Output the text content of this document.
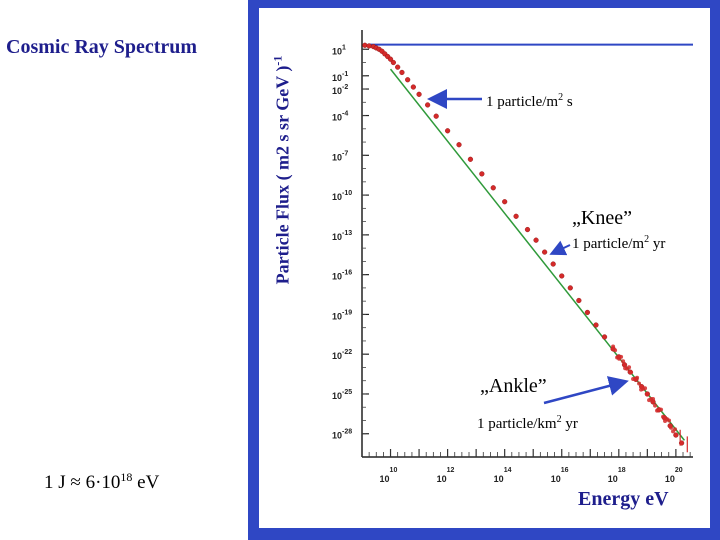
Cosmic Ray Spectrum
1 $J \approx 6\cdot 10^{18}$ eV
$10^1$
$10^{-2}$
$10^{-1}$
$10^{-4}$
$10^{-7}$
$10^{-10}$
$10^{-13}$
$10^{-16}$
$10^{-19}$
$10^{-22}$
$10^{-25}$
$10^{-28}$
$10^{10}$
$10^{12}$
$10^{14}$
$10^{16}$
$10^{18}$
$10^{20}$
Particle Flux ( m2 s sr GeV )$^{-1}$
1 particle/$m^2$ s
„Knee”
1 particle/$m^2$ yr
„Ankle”
1 particle/$km^2$ yr
Energy eV
